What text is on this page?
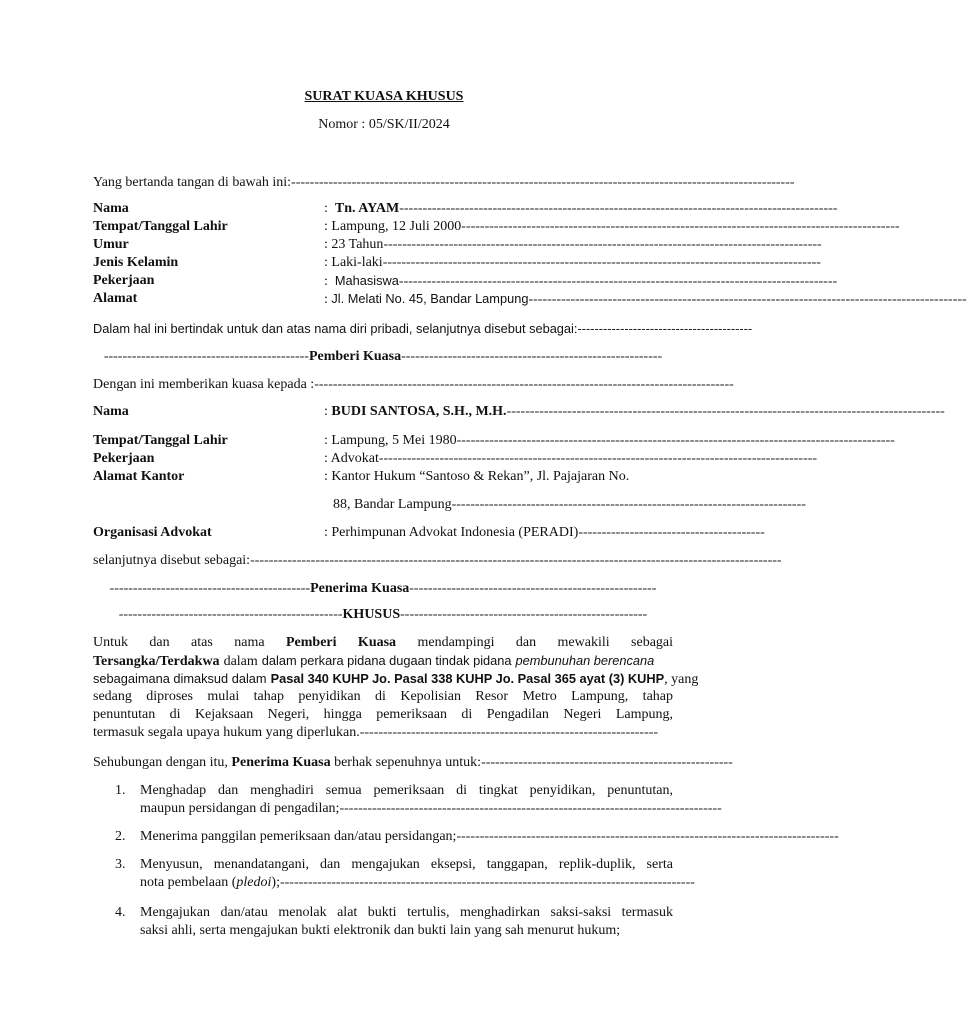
SURAT KUASA KHUSUS
Nomor : 05/SK/II/2024
Yang bertanda tangan di bawah ini:------------------------------------------------------------------------------------------------------------
Nama	:  Tn. AYAM----------------------------------------------------------------------------------------------
Tempat/Tanggal Lahir	: Lampung, 12 Juli 2000----------------------------------------------------------------------------------------------
Umur	: 23 Tahun----------------------------------------------------------------------------------------------
Jenis Kelamin	: Laki-laki----------------------------------------------------------------------------------------------
Pekerjaan	:  Mahasiswa----------------------------------------------------------------------------------------------
Alamat	: Jl. Melati No. 45, Bandar Lampung----------------------------------------------------------------------------------------------
Dalam hal ini bertindak untuk dan atas nama diri pribadi, selanjutnya disebut sebagai:-----------------------------------------
--------------------------------------------Pemberi Kuasa--------------------------------------------------------
Dengan ini memberikan kuasa kepada :------------------------------------------------------------------------------------------
Nama	: BUDI SANTOSA, S.H., M.H.----------------------------------------------------------------------------------------------
Tempat/Tanggal Lahir	: Lampung, 5 Mei 1980----------------------------------------------------------------------------------------------
Pekerjaan	: Advokat----------------------------------------------------------------------------------------------
Alamat Kantor	: Kantor Hukum “Santoso & Rekan”, Jl. Pajajaran No.
88, Bandar Lampung----------------------------------------------------------------------------
Organisasi Advokat	: Perhimpunan Advokat Indonesia (PERADI)----------------------------------------
selanjutnya disebut sebagai:------------------------------------------------------------------------------------------------------------------
-------------------------------------------Penerima Kuasa-----------------------------------------------------
------------------------------------------------KHUSUS-----------------------------------------------------
Untuk dan atas nama Pemberi Kuasa mendampingi dan mewakili sebagai
Tersangka/Terdakwa dalam dalam perkara pidana dugaan tindak pidana pembunuhan berencana
sebagaimana dimaksud dalam Pasal 340 KUHP Jo. Pasal 338 KUHP Jo. Pasal 365 ayat (3) KUHP, yang
sedang diproses mulai tahap penyidikan di Kepolisian Resor Metro Lampung, tahap
penuntutan di Kejaksaan Negeri, hingga pemeriksaan di Pengadilan Negeri Lampung,
termasuk segala upaya hukum yang diperlukan.----------------------------------------------------------------
Sehubungan dengan itu, Penerima Kuasa berhak sepenuhnya untuk:------------------------------------------------------
1. Menghadap dan menghadiri semua pemeriksaan di tingkat penyidikan, penuntutan,
maupun persidangan di pengadilan;----------------------------------------------------------------------------------
2. Menerima panggilan pemeriksaan dan/atau persidangan;----------------------------------------------------------------------------------
3. Menyusun, menandatangani, dan mengajukan eksepsi, tanggapan, replik-duplik, serta
nota pembelaan (pledoi);-----------------------------------------------------------------------------------------
4. Mengajukan dan/atau menolak alat bukti tertulis, menghadirkan saksi-saksi termasuk
saksi ahli, serta mengajukan bukti elektronik dan bukti lain yang sah menurut hukum;
